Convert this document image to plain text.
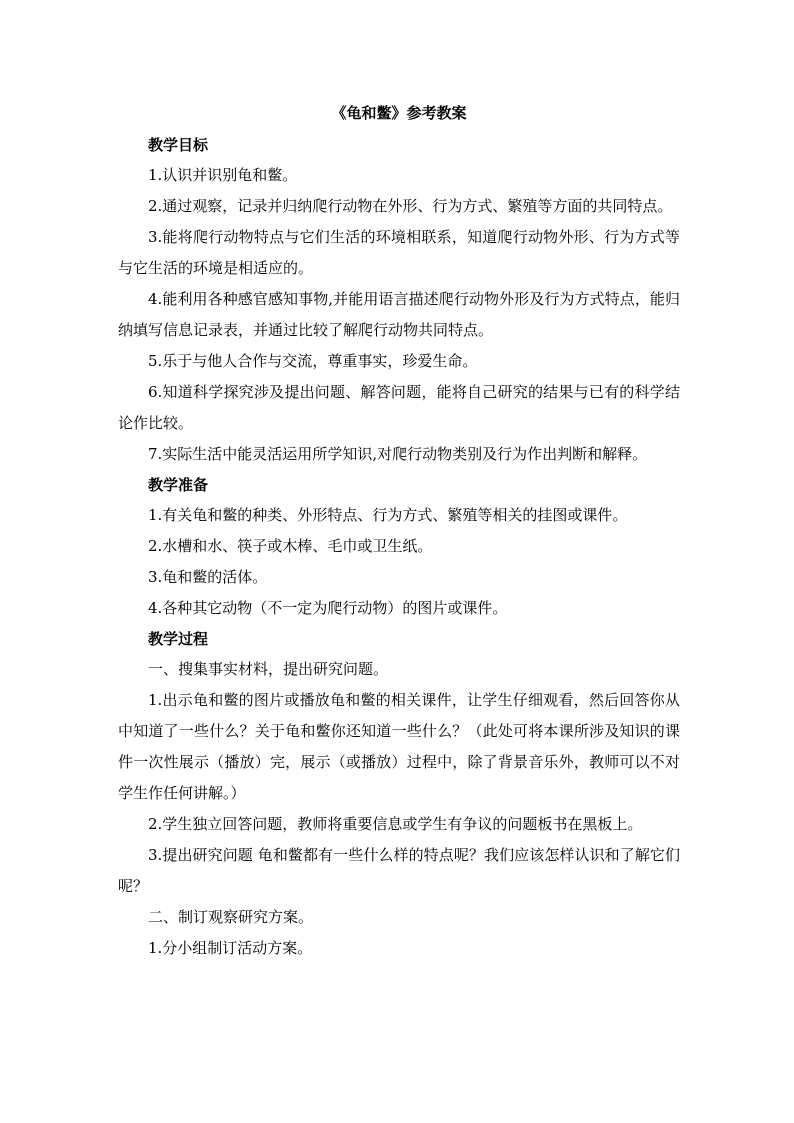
《龟和鳖》参考教案

教学目标

1.认识并识别龟和鳖。

2.通过观察，记录并归纳爬行动物在外形、行为方式、繁殖等方面的共同特点。

3.能将爬行动物特点与它们生活的环境相联系，知道爬行动物外形、行为方式等与它生活的环境是相适应的。

4.能利用各种感官感知事物,并能用语言描述爬行动物外形及行为方式特点，能归纳填写信息记录表，并通过比较了解爬行动物共同特点。

5.乐于与他人合作与交流，尊重事实，珍爱生命。

6.知道科学探究涉及提出问题、解答问题，能将自己研究的结果与已有的科学结论作比较。

7.实际生活中能灵活运用所学知识,对爬行动物类别及行为作出判断和解释。

教学准备

1.有关龟和鳖的种类、外形特点、行为方式、繁殖等相关的挂图或课件。

2.水槽和水、筷子或木棒、毛巾或卫生纸。

3.龟和鳖的活体。

4.各种其它动物（不一定为爬行动物）的图片或课件。

教学过程

一、搜集事实材料，提出研究问题。

1.出示龟和鳖的图片或播放龟和鳖的相关课件，让学生仔细观看，然后回答你从中知道了一些什么？关于龟和鳖你还知道一些什么？（此处可将本课所涉及知识的课件一次性展示（播放）完，展示（或播放）过程中，除了背景音乐外，教师可以不对学生作任何讲解。）

2.学生独立回答问题，教师将重要信息或学生有争议的问题板书在黑板上。

3.提出研究问题 龟和鳖都有一些什么样的特点呢？我们应该怎样认识和了解它们呢？

二、制订观察研究方案。

1.分小组制订活动方案。
